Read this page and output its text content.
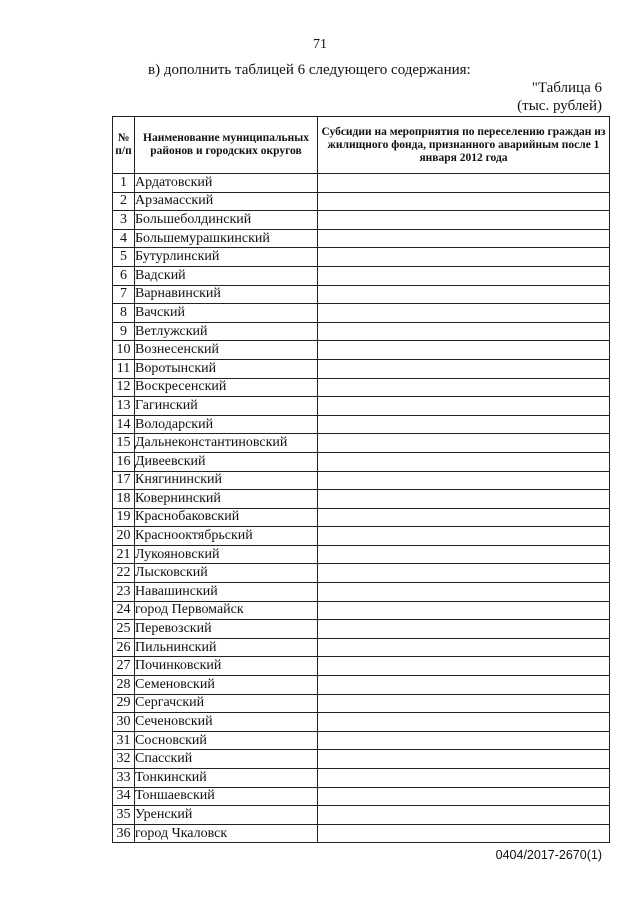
71
в) дополнить таблицей 6 следующего содержания:
"Таблица 6
(тыс. рублей)
№ п/п	Наименование муниципальных районов и городских округов	Субсидии на мероприятия по переселению граждан из жилищного фонда, признанного аварийным после 1 января 2012 года
1	Ардатовский	
2	Арзамасский	
3	Большеболдинский	
4	Большемурашкинский	
5	Бутурлинский	
6	Вадский	
7	Варнавинский	
8	Вачский	
9	Ветлужский	
10	Вознесенский	
11	Воротынский	
12	Воскресенский	
13	Гагинский	
14	Володарский	
15	Дальнеконстантиновский	
16	Дивеевский	
17	Княгининский	
18	Ковернинский	
19	Краснобаковский	
20	Краснооктябрьский	
21	Лукояновский	
22	Лысковский	
23	Навашинский	
24	город Первомайск	
25	Перевозский	
26	Пильнинский	
27	Починковский	
28	Семеновский	
29	Сергачский	
30	Сеченовский	
31	Сосновский	
32	Спасский	
33	Тонкинский	
34	Тоншаевский	
35	Уренский	
36	город Чкаловск	
0404/2017-2670(1)
